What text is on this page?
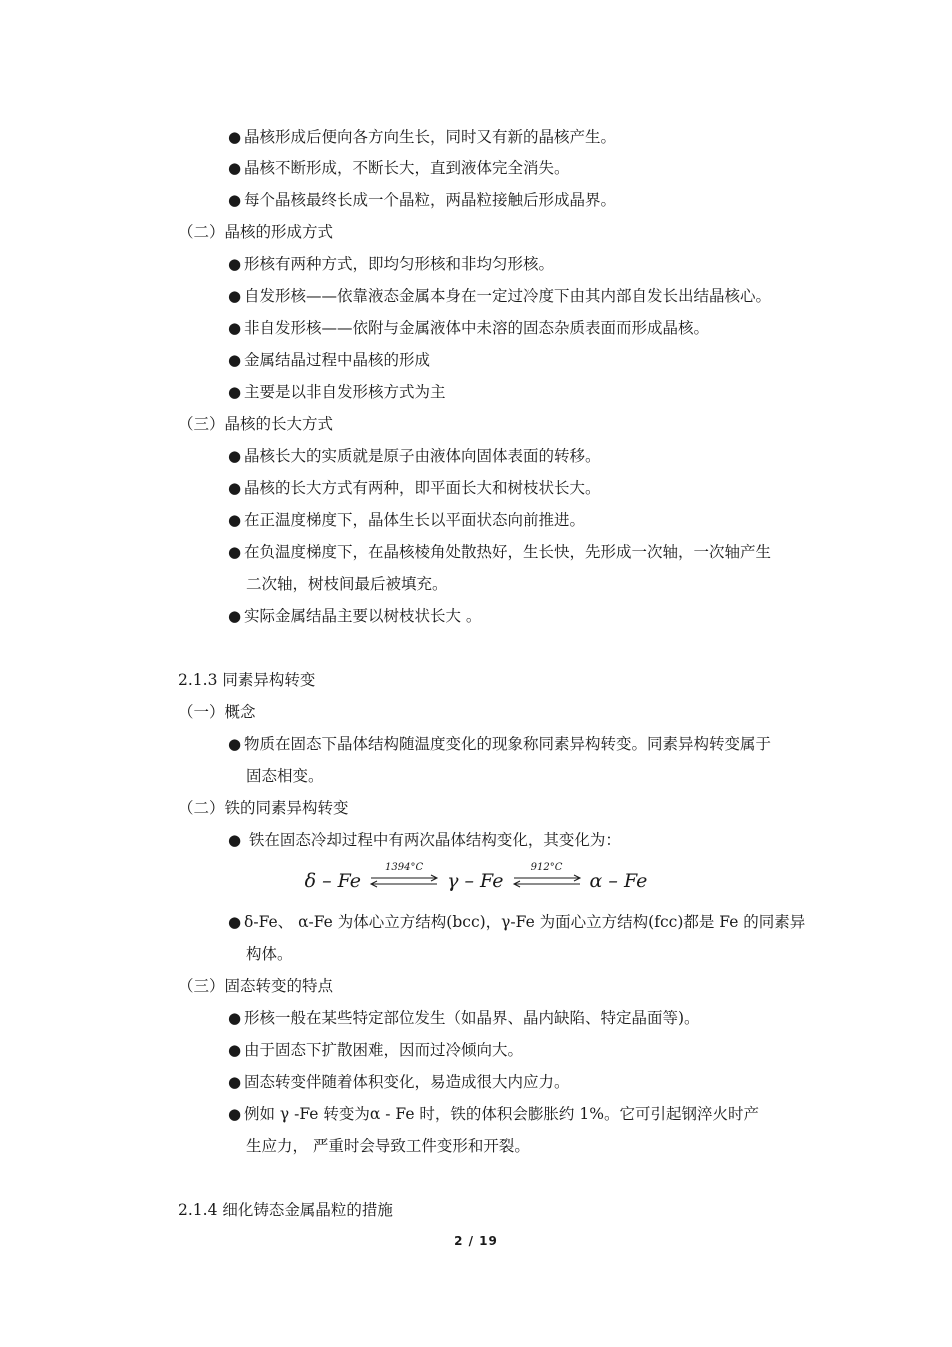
● 晶核形成后便向各方向生长，同时又有新的晶核产生。
● 晶核不断形成，不断长大，直到液体完全消失。
● 每个晶核最终长成一个晶粒，两晶粒接触后形成晶界。
（二）晶核的形成方式
● 形核有两种方式，即均匀形核和非均匀形核。
● 自发形核——依靠液态金属本身在一定过冷度下由其内部自发长出结晶核心。
● 非自发形核——依附与金属液体中未溶的固态杂质表面而形成晶核。
● 金属结晶过程中晶核的形成
● 主要是以非自发形核方式为主
（三）晶核的长大方式
● 晶核长大的实质就是原子由液体向固体表面的转移。
● 晶核的长大方式有两种，即平面长大和树枝状长大。
● 在正温度梯度下，晶体生长以平面状态向前推进。
● 在负温度梯度下，在晶核棱角处散热好，生长快，先形成一次轴，一次轴产生
二次轴，树枝间最后被填充。
● 实际金属结晶主要以树枝状长大 。
2.1.3 同素异构转变
（一）概念
● 物质在固态下晶体结构随温度变化的现象称同素异构转变。同素异构转变属于
固态相变。
（二）铁的同素异构转变
● 铁在固态冷却过程中有两次晶体结构变化，其变化为：
δ – Fe
1394°C
γ – Fe
912°C
α – Fe
● δ-Fe、 α-Fe 为体心立方结构(bcc)，γ-Fe 为面心立方结构(fcc)都是 Fe 的同素异
构体。
（三）固态转变的特点
● 形核一般在某些特定部位发生（如晶界、晶内缺陷、特定晶面等)。
● 由于固态下扩散困难，因而过冷倾向大。
● 固态转变伴随着体积变化，易造成很大内应力。
● 例如 γ -Fe 转变为α - Fe 时，铁的体积会膨胀约 1%。它可引起钢淬火时产
生应力， 严重时会导致工件变形和开裂。
2.1.4 细化铸态金属晶粒的措施
2 / 19
